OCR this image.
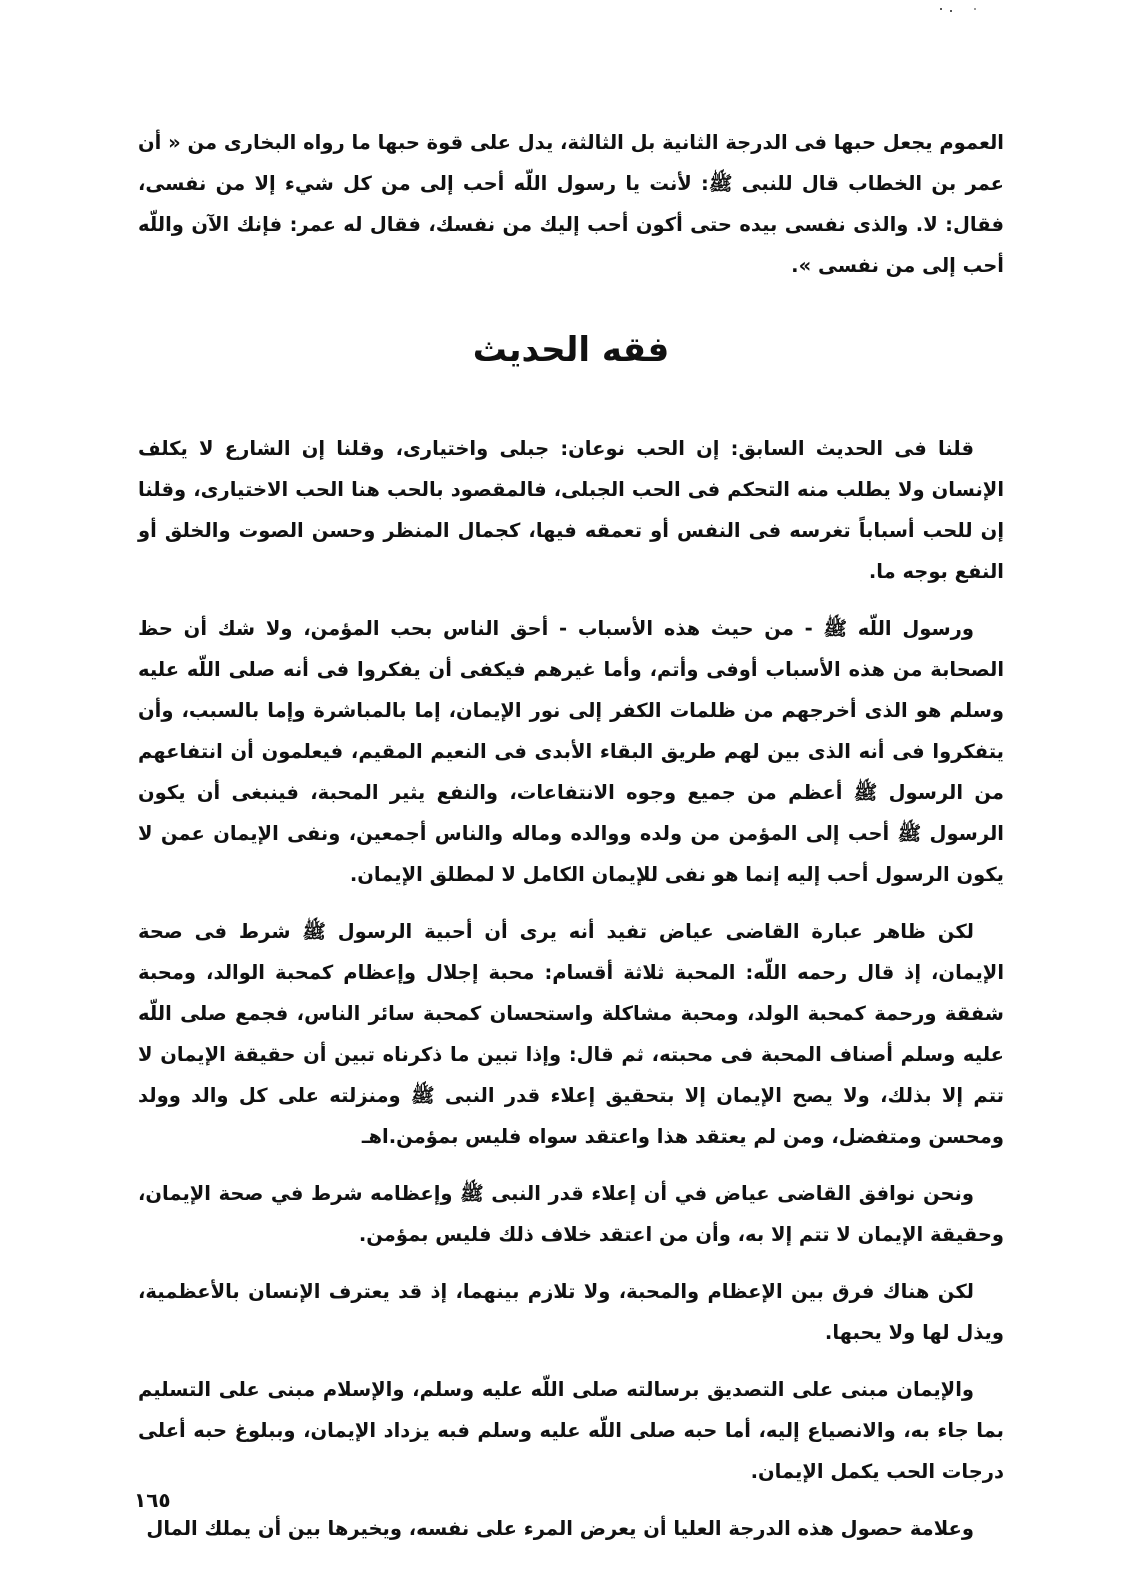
العموم يجعل حبها فى الدرجة الثانية بل الثالثة، يدل على قوة حبها ما رواه البخارى من « أن عمر بن الخطاب قال للنبى ﷺ: لأنت يا رسول اللّه أحب إلى من كل شيء إلا من نفسى، فقال: لا. والذى نفسى بيده حتى أكون أحب إليك من نفسك، فقال له عمر: فإنك الآن واللّه أحب إلى من نفسى ».

فقه الحديث

قلنا فى الحديث السابق: إن الحب نوعان: جبلى واختيارى، وقلنا إن الشارع لا يكلف الإنسان ولا يطلب منه التحكم فى الحب الجبلى، فالمقصود بالحب هنا الحب الاختيارى، وقلنا إن للحب أسباباً تغرسه فى النفس أو تعمقه فيها، كجمال المنظر وحسن الصوت والخلق أو النفع بوجه ما.

ورسول اللّه ﷺ - من حيث هذه الأسباب - أحق الناس بحب المؤمن، ولا شك أن حظ الصحابة من هذه الأسباب أوفى وأتم، وأما غيرهم فيكفى أن يفكروا فى أنه صلى اللّه عليه وسلم هو الذى أخرجهم من ظلمات الكفر إلى نور الإيمان، إما بالمباشرة وإما بالسبب، وأن يتفكروا فى أنه الذى بين لهم طريق البقاء الأبدى فى النعيم المقيم، فيعلمون أن انتفاعهم من الرسول ﷺ أعظم من جميع وجوه الانتفاعات، والنفع يثير المحبة، فينبغى أن يكون الرسول ﷺ أحب إلى المؤمن من ولده ووالده وماله والناس أجمعين، ونفى الإيمان عمن لا يكون الرسول أحب إليه إنما هو نفى للإيمان الكامل لا لمطلق الإيمان.

لكن ظاهر عبارة القاضى عياض تفيد أنه يرى أن أحبية الرسول ﷺ شرط فى صحة الإيمان، إذ قال رحمه اللّه: المحبة ثلاثة أقسام: محبة إجلال وإعظام كمحبة الوالد، ومحبة شفقة ورحمة كمحبة الولد، ومحبة مشاكلة واستحسان كمحبة سائر الناس، فجمع صلى اللّه عليه وسلم أصناف المحبة فى محبته، ثم قال: وإذا تبين ما ذكرناه تبين أن حقيقة الإيمان لا تتم إلا بذلك، ولا يصح الإيمان إلا بتحقيق إعلاء قدر النبى ﷺ ومنزلته على كل والد وولد ومحسن ومتفضل، ومن لم يعتقد هذا واعتقد سواه فليس بمؤمن.اهـ

ونحن نوافق القاضى عياض في أن إعلاء قدر النبى ﷺ وإعظامه شرط في صحة الإيمان، وحقيقة الإيمان لا تتم إلا به، وأن من اعتقد خلاف ذلك فليس بمؤمن.

لكن هناك فرق بين الإعظام والمحبة، ولا تلازم بينهما، إذ قد يعترف الإنسان بالأعظمية، ويذل لها ولا يحبها.

والإيمان مبنى على التصديق برسالته صلى اللّه عليه وسلم، والإسلام مبنى على التسليم بما جاء به، والانصياع إليه، أما حبه صلى اللّه عليه وسلم فبه يزداد الإيمان، وببلوغ حبه أعلى درجات الحب يكمل الإيمان.

وعلامة حصول هذه الدرجة العليا أن يعرض المرء على نفسه، ويخيرها بين أن يملك المال

١٦٥
